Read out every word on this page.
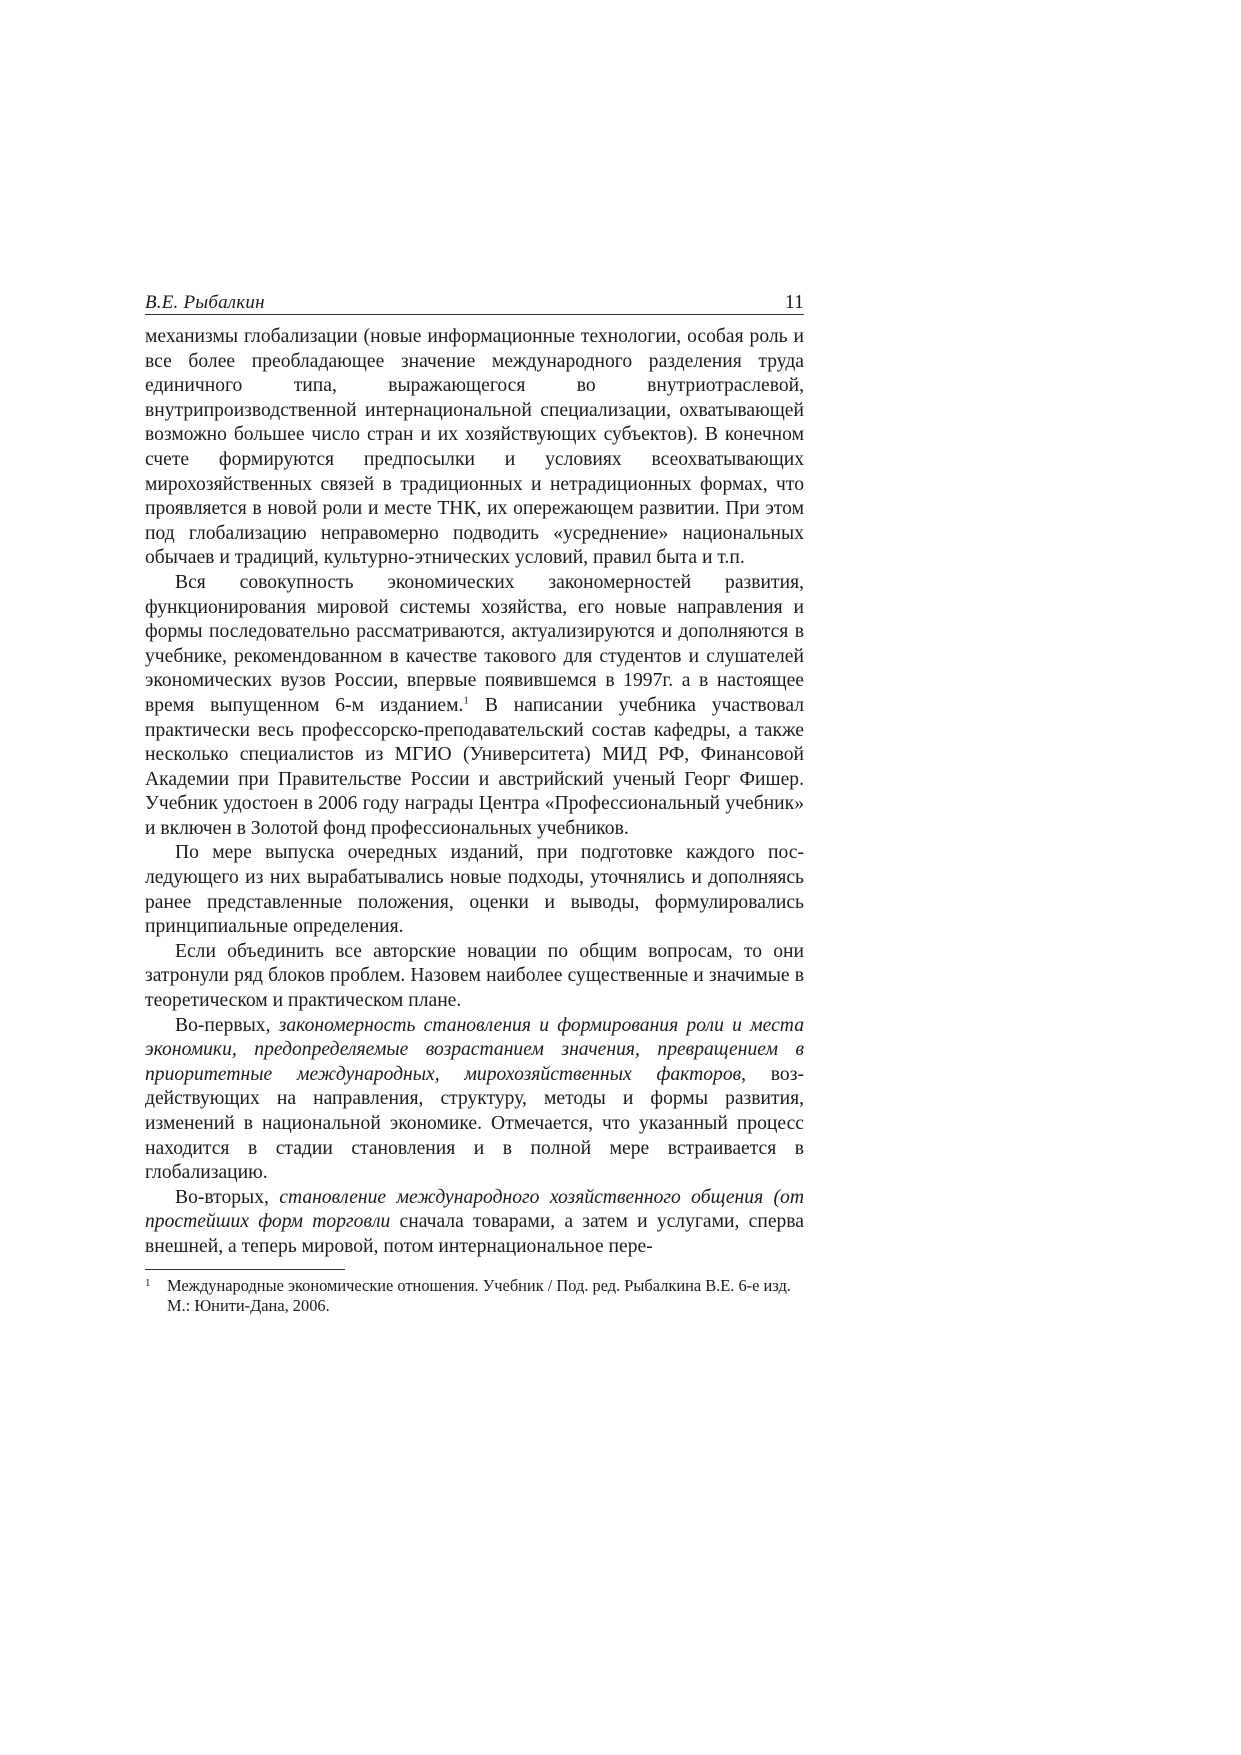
В.Е. Рыбалкин	11

механизмы глобализации (новые информационные технологии, особая роль и все более преобладающее значение международного разделения труда единичного типа, выражающегося во внутриотраслевой, внутрипроизводственной интернациональной специализации, охватывающей возможно большее число стран и их хозяйствующих субъектов). В конечном счете формируются предпосылки и условиях всеохватывающих мирохозяйственных связей в традиционных и нетрадиционных формах, что проявляется в новой роли и месте ТНК, их опережающем развитии. При этом под глобализацию неправомерно подводить «усреднение» национальных обычаев и традиций, культурно-этнических условий, правил быта и т.п.

Вся совокупность экономических закономерностей развития, функционирования мировой системы хозяйства, его новые направления и формы последовательно рассматриваются, актуализируются и дополняются в учебнике, рекомендованном в качестве такового для студентов и слушателей экономических вузов России, впервые появившемся в 1997г. а в настоящее время выпущенном 6-м изданием.$^1$ В написании учебника участвовал практически весь профессорско-преподавательский состав кафедры, а также несколько специалистов из МГИО (Университета) МИД РФ, Финансовой Академии при Правительстве России и австрийский ученый Георг Фишер. Учебник удостоен в 2006 году награды Центра «Профессиональный учебник» и включен в Золотой фонд профессиональных учебников.

По мере выпуска очередных изданий, при подготовке каждого последующего из них вырабатывались новые подходы, уточнялись и дополняясь ранее представленные положения, оценки и выводы, формулировались принципиальные определения.

Если объединить все авторские новации по общим вопросам, то они затронули ряд блоков проблем. Назовем наиболее существенные и значимые в теоретическом и практическом плане.

Во-первых, закономерность становления и формирования роли и места экономики, предопределяемые возрастанием значения, превращением в приоритетные международных, мирохозяйственных факторов, воздействующих на направления, структуру, методы и формы развития, изменений в национальной экономике. Отмечается, что указанный процесс находится в стадии становления и в полной мере встраивается в глобализацию.

Во-вторых, становление международного хозяйственного общения (от простейших форм торговли сначала товарами, а затем и услугами, сперва внешней, а теперь мировой, потом интернациональное пере-

1 Международные экономические отношения. Учебник / Под. ред. Рыбалкина В.Е. 6-е изд. М.: Юнити-Дана, 2006.
